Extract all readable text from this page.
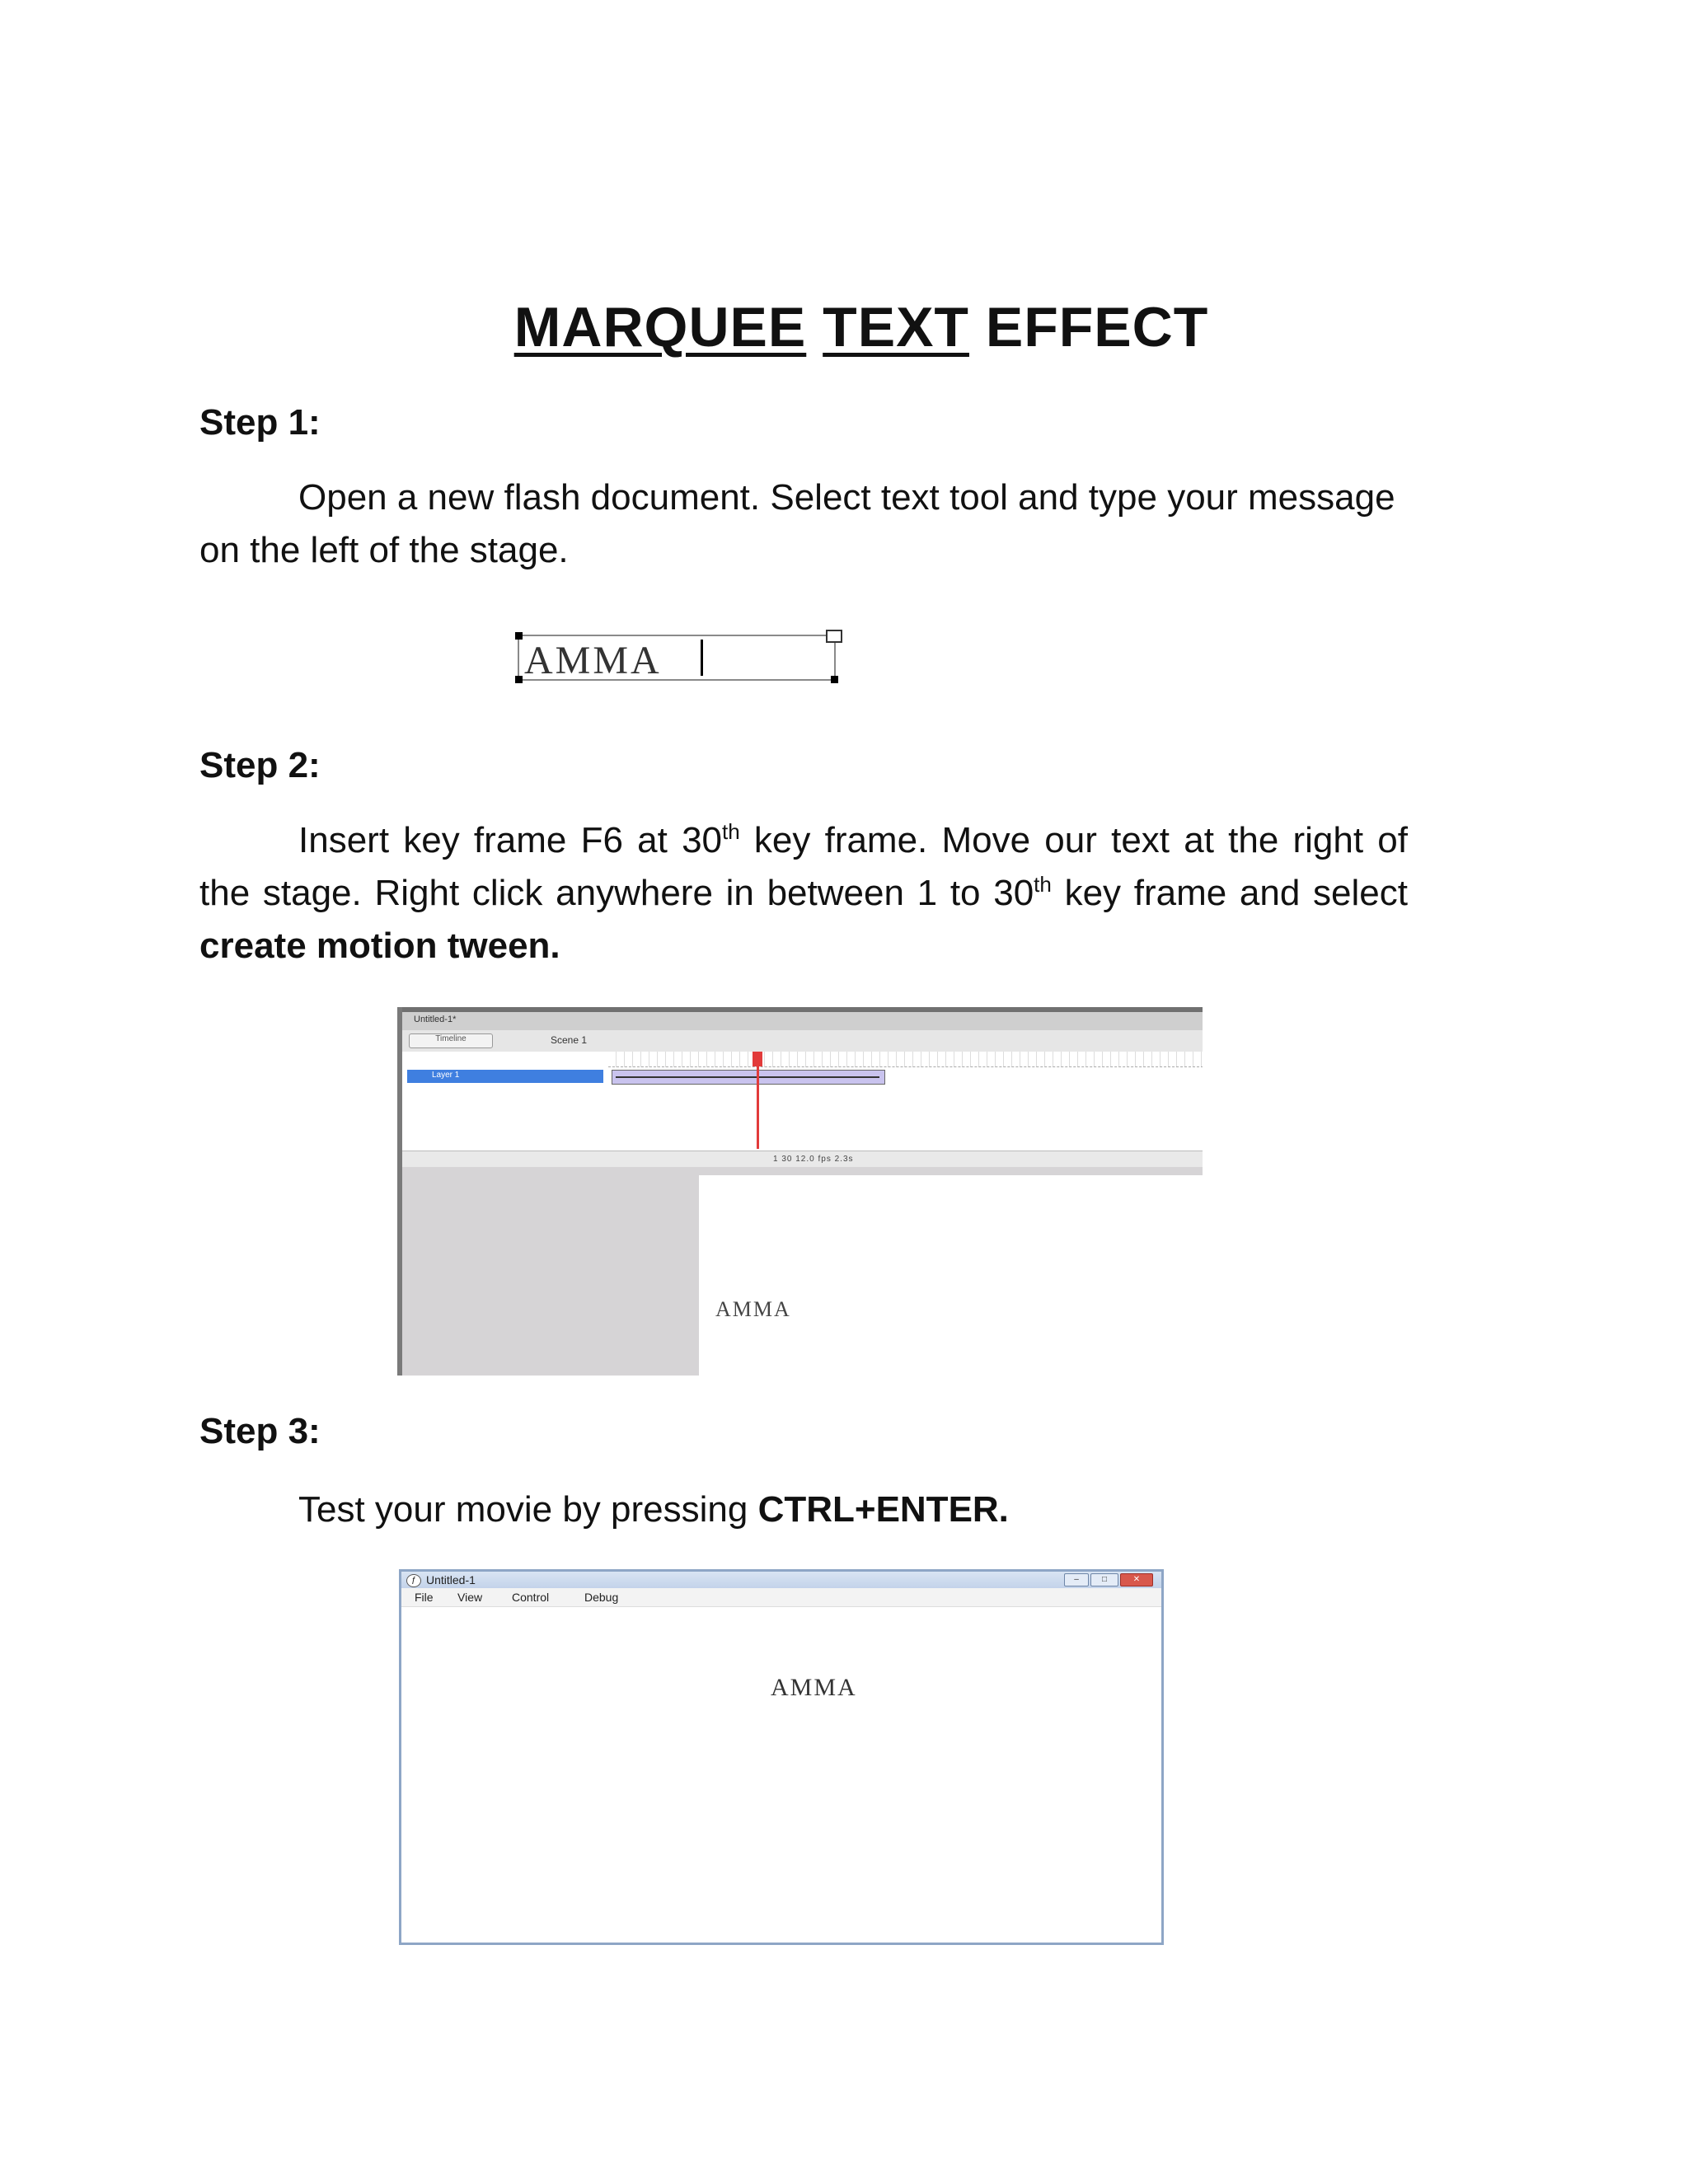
MARQUEE TEXT EFFECT
Step 1:
Open a new flash document. Select text tool and type your message on the left of the stage.
AMMA
Step 2:
Insert key frame F6 at 30th key frame. Move our text at the right of the stage. Right click anywhere in between 1 to 30th key frame and select create motion tween.
Untitled-1*
Timeline	Scene 1
Layer 1
1 30 12.0 fps 2.3s
AMMA
Step 3:
Test your movie by pressing CTRL+ENTER.
ƒ Untitled-1	–	□	✕
File View	Control	Debug
AMMA
